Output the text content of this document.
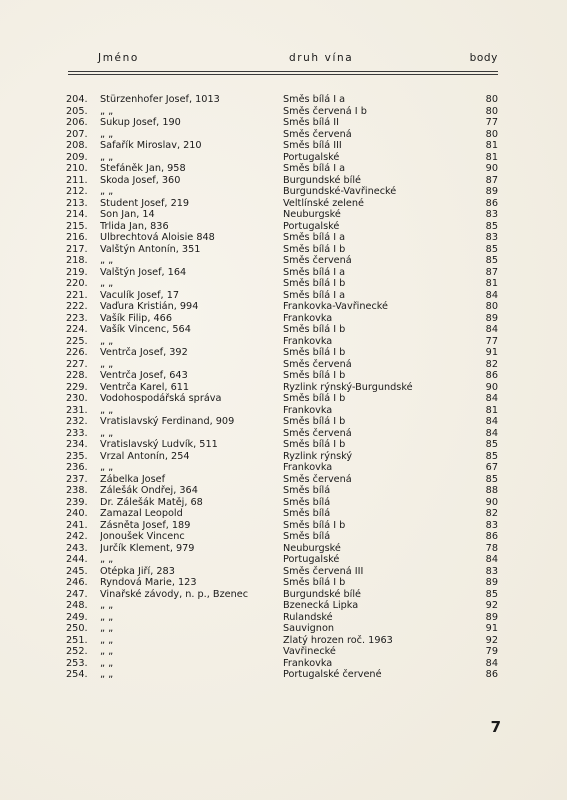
Jméno	druh vína	body
204.	Stürzenhofer Josef, 1013	Směs bílá I a	80
205.	„ „	Směs červená I b	80
206.	Sukup Josef, 190	Směs bílá II	77
207.	„ „	Směs červená	80
208.	Šafařík Miroslav, 210	Směs bílá III	81
209.	„ „	Portugalské	81
210.	Štefáněk Jan, 958	Směs bílá I a	90
211.	Škoda Josef, 360	Burgundské bílé	87
212.	„ „	Burgundské-Vavřinecké	89
213.	Student Josef, 219	Veltlínské zelené	86
214.	Šon Jan, 14	Neuburgské	83
215.	Trlida Jan, 836	Portugalské	85
216.	Ulbrechtová Aloisie 848	Směs bílá I a	83
217.	Valštýn Antonín, 351	Směs bílá I b	85
218.	„ „	Směs červená	85
219.	Valštýn Josef, 164	Směs bílá I a	87
220.	„ „	Směs bílá I b	81
221.	Vaculík Josef, 17	Směs bílá I a	84
222.	Vaďura Kristián, 994	Frankovka-Vavřinecké	80
223.	Vašík Filip, 466	Frankovka	89
224.	Vašík Vincenc, 564	Směs bílá I b	84
225.	„ „	Frankovka	77
226.	Ventrča Josef, 392	Směs bílá I b	91
227.	„ „	Směs červená	82
228.	Ventrča Josef, 643	Směs bílá I b	86
229.	Ventrča Karel, 611	Ryzlink rýnský-Burgundské	90
230.	Vodohospodářská správa	Směs bílá I b	84
231.	„ „	Frankovka	81
232.	Vratislavský Ferdinand, 909	Směs bílá I b	84
233.	„ „	Směs červená	84
234.	Vratislavský Ludvík, 511	Směs bílá I b	85
235.	Vrzal Antonín, 254	Ryzlink rýnský	85
236.	„ „	Frankovka	67
237.	Zábelka Josef	Směs červená	85
238.	Zálešák Ondřej, 364	Směs bílá	88
239.	Dr. Zálešák Matěj, 68	Směs bílá	90
240.	Zamazal Leopold	Směs bílá	82
241.	Zásněta Josef, 189	Směs bílá I b	83
242.	Jonoušek Vincenc	Směs bílá	86
243.	Jurčík Klement, 979	Neuburgské	78
244.	„ „	Portugalské	84
245.	Otépka Jiří, 283	Směs červená III	83
246.	Ryndová Marie, 123	Směs bílá I b	89
247.	Vinařské závody, n. p., Bzenec	Burgundské bílé	85
248.	„ „	Bzenecká Lipka	92
249.	„ „	Rulandské	89
250.	„ „	Sauvignon	91
251.	„ „	Zlatý hrozen roč. 1963	92
252.	„ „	Vavřinecké	79
253.	„ „	Frankovka	84
254.	„ „	Portugalské červené	86
7
